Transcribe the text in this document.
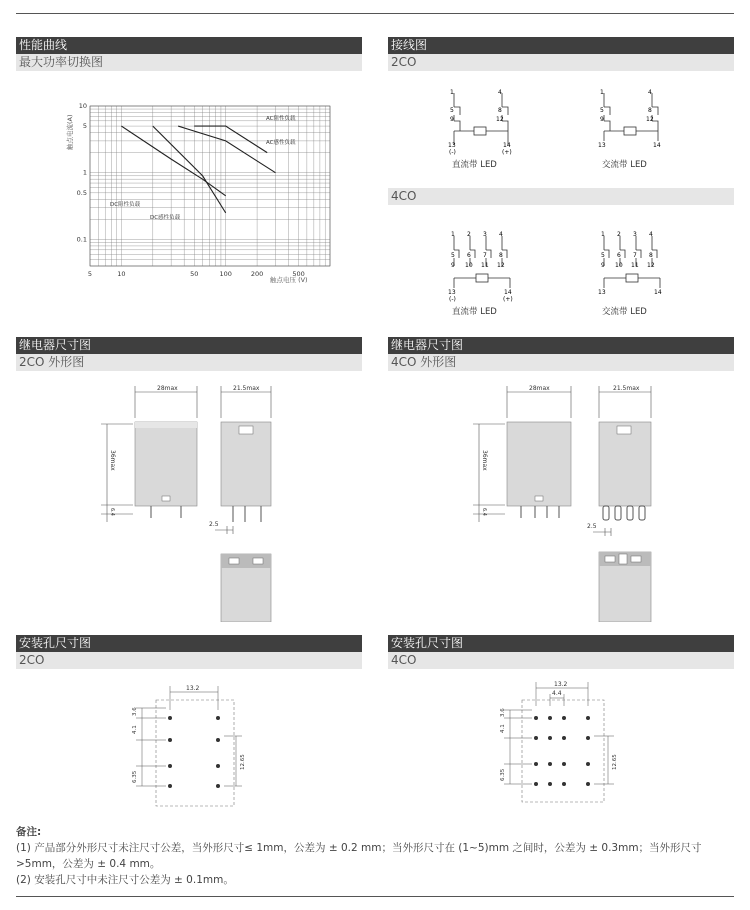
性能曲线
最大功率切换图
5	10	50	100	200	500
10
5
1
0.5
0.1
触点电流(A)
触点电压 (V)
AC阻性负载
AC感性负载
DC阻性负载
DC感性负载
接线图
2CO
4CO
1	4
5	8
9	12
13	14
(-)	(+)
直流带 LED
1	4
5	8
9	12
13	14
交流带 LED
1 2 3 4
5 6 7 8
9 10 11 12
13	14
(-)	(+)
直流带 LED
1 2 3 4
5 6 7 8
9 10 11 12
13	14
交流带 LED
继电器尺寸图
2CO 外形图
继电器尺寸图
4CO 外形图
28max	21.5max
36max
6.4
2.5
28max	21.5max
36max
6.4
2.5
安装孔尺寸图
2CO
安装孔尺寸图
4CO
13.2
3.6
4.1
6.35
12.65
13.2
4.4
3.6
4.1
6.35
12.65
备注:
(1) 产品部分外形尺寸未注尺寸公差，当外形尺寸≤ 1mm，公差为 ± 0.2 mm；当外形尺寸在 (1~5)mm 之间时，公差为 ± 0.3mm；当外形尺寸
>5mm，公差为 ± 0.4 mm。
(2) 安装孔尺寸中未注尺寸公差为 ± 0.1mm。
